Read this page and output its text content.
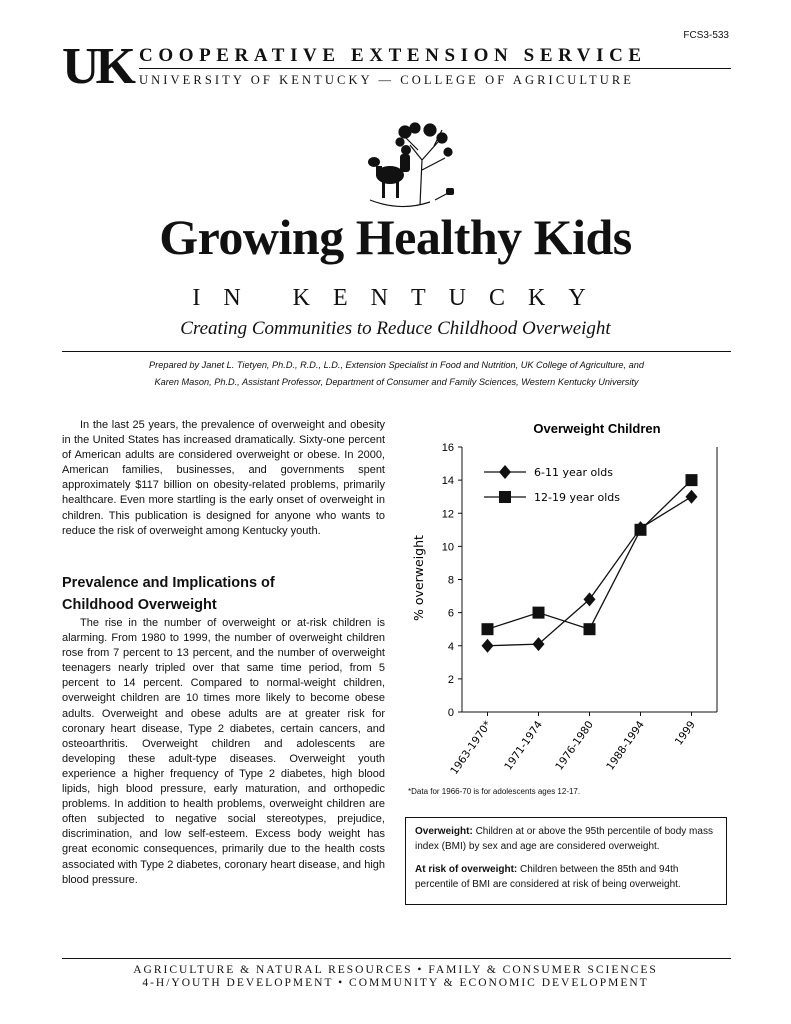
FCS3-533
UK COOPERATIVE EXTENSION SERVICE
UNIVERSITY OF KENTUCKY — COLLEGE OF AGRICULTURE
Growing Healthy Kids
IN KENTUCKY
Creating Communities to Reduce Childhood Overweight
Prepared by Janet L. Tietyen, Ph.D., R.D., L.D., Extension Specialist in Food and Nutrition, UK College of Agriculture, and
Karen Mason, Ph.D., Assistant Professor, Department of Consumer and Family Sciences, Western Kentucky University

In the last 25 years, the prevalence of overweight and obesity in the United States has increased dramatically. Sixty-one percent of American adults are considered overweight or obese. In 2000, American families, businesses, and governments spent approximately $117 billion on obesity-related problems, primarily healthcare. Even more startling is the early onset of overweight in children. This publication is designed for anyone who wants to reduce the risk of overweight among Kentucky youth.

Prevalence and Implications of
Childhood Overweight

The rise in the number of overweight or at-risk children is alarming. From 1980 to 1999, the number of overweight children rose from 7 percent to 13 percent, and the number of overweight teenagers nearly tripled over that same time period, from 5 percent to 14 percent. Compared to normal-weight children, overweight children are 10 times more likely to become obese adults. Overweight and obese adults are at greater risk for coronary heart disease, Type 2 diabetes, certain cancers, and osteoarthritis. Overweight children and adolescents are developing these adult-type diseases. Overweight youth experience a higher frequency of Type 2 diabetes, high blood lipids, high blood pressure, early maturation, and orthopedic problems. In addition to health problems, overweight children are often subjected to negative social stereotypes, prejudice, discrimination, and low self-esteem. Excess body weight has great economic consequences, primarily due to the health costs associated with Type 2 diabetes, coronary heart disease, and high blood pressure.

Overweight Children
% overweight
0
2
4
6
8
10
12
14
16
1963-1970* 1971-1974 1976-1980 1988-1994 1999
6-11 year olds
12-19 year olds
*Data for 1966-70 is for adolescents ages 12-17.

Overweight: Children at or above the 95th percentile of body mass index (BMI) by sex and age are considered overweight.

At risk of overweight: Children between the 85th and 94th percentile of BMI are considered at risk of being overweight.

AGRICULTURE & NATURAL RESOURCES • FAMILY & CONSUMER SCIENCES
4-H/YOUTH DEVELOPMENT • COMMUNITY & ECONOMIC DEVELOPMENT
